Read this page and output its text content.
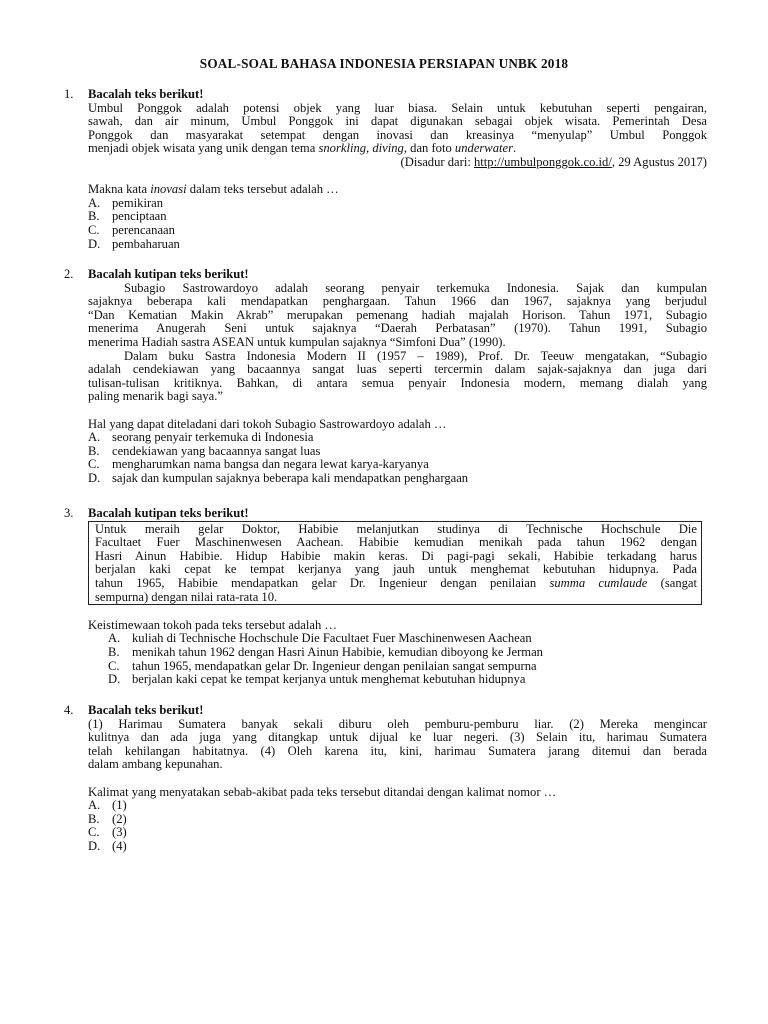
SOAL-SOAL BAHASA INDONESIA PERSIAPAN UNBK 2018
1. Bacalah teks berikut!
Umbul Ponggok adalah potensi objek yang luar biasa. Selain untuk kebutuhan seperti pengairan,
sawah, dan air minum, Umbul Ponggok ini dapat digunakan sebagai objek wisata. Pemerintah Desa
Ponggok dan masyarakat setempat dengan inovasi dan kreasinya “menyulap” Umbul Ponggok
menjadi objek wisata yang unik dengan tema snorkling, diving, dan foto underwater.
(Disadur dari: http://umbulponggok.co.id/, 29 Agustus 2017)
Makna kata inovasi dalam teks tersebut adalah …
A. pemikiran
B. penciptaan
C. perencanaan
D. pembaharuan
2. Bacalah kutipan teks berikut!
Subagio Sastrowardoyo adalah seorang penyair terkemuka Indonesia. Sajak dan kumpulan
sajaknya beberapa kali mendapatkan penghargaan. Tahun 1966 dan 1967, sajaknya yang berjudul
“Dan Kematian Makin Akrab” merupakan pemenang hadiah majalah Horison. Tahun 1971, Subagio
menerima Anugerah Seni untuk sajaknya “Daerah Perbatasan” (1970). Tahun 1991, Subagio
menerima Hadiah sastra ASEAN untuk kumpulan sajaknya “Simfoni Dua” (1990).
Dalam buku Sastra Indonesia Modern II (1957 – 1989), Prof. Dr. Teeuw mengatakan, “Subagio
adalah cendekiawan yang bacaannya sangat luas seperti tercermin dalam sajak-sajaknya dan juga dari
tulisan-tulisan kritiknya. Bahkan, di antara semua penyair Indonesia modern, memang dialah yang
paling menarik bagi saya.”
Hal yang dapat diteladani dari tokoh Subagio Sastrowardoyo adalah …
A. seorang penyair terkemuka di Indonesia
B. cendekiawan yang bacaannya sangat luas
C. mengharumkan nama bangsa dan negara lewat karya-karyanya
D. sajak dan kumpulan sajaknya beberapa kali mendapatkan penghargaan
3. Bacalah kutipan teks berikut!
Untuk meraih gelar Doktor, Habibie melanjutkan studinya di Technische Hochschule Die
Facultaet Fuer Maschinenwesen Aachean. Habibie kemudian menikah pada tahun 1962 dengan
Hasri Ainun Habibie. Hidup Habibie makin keras. Di pagi-pagi sekali, Habibie terkadang harus
berjalan kaki cepat ke tempat kerjanya yang jauh untuk menghemat kebutuhan hidupnya. Pada
tahun 1965, Habibie mendapatkan gelar Dr. Ingenieur dengan penilaian summa cumlaude (sangat
sempurna) dengan nilai rata-rata 10.
Keistimewaan tokoh pada teks tersebut adalah …
A. kuliah di Technische Hochschule Die Facultaet Fuer Maschinenwesen Aachean
B. menikah tahun 1962 dengan Hasri Ainun Habibie, kemudian diboyong ke Jerman
C. tahun 1965, mendapatkan gelar Dr. Ingenieur dengan penilaian sangat sempurna
D. berjalan kaki cepat ke tempat kerjanya untuk menghemat kebutuhan hidupnya
4. Bacalah teks berikut!
(1) Harimau Sumatera banyak sekali diburu oleh pemburu-pemburu liar. (2) Mereka mengincar
kulitnya dan ada juga yang ditangkap untuk dijual ke luar negeri. (3) Selain itu, harimau Sumatera
telah kehilangan habitatnya. (4) Oleh karena itu, kini, harimau Sumatera jarang ditemui dan berada
dalam ambang kepunahan.
Kalimat yang menyatakan sebab-akibat pada teks tersebut ditandai dengan kalimat nomor …
A. (1)
B. (2)
C. (3)
D. (4)
